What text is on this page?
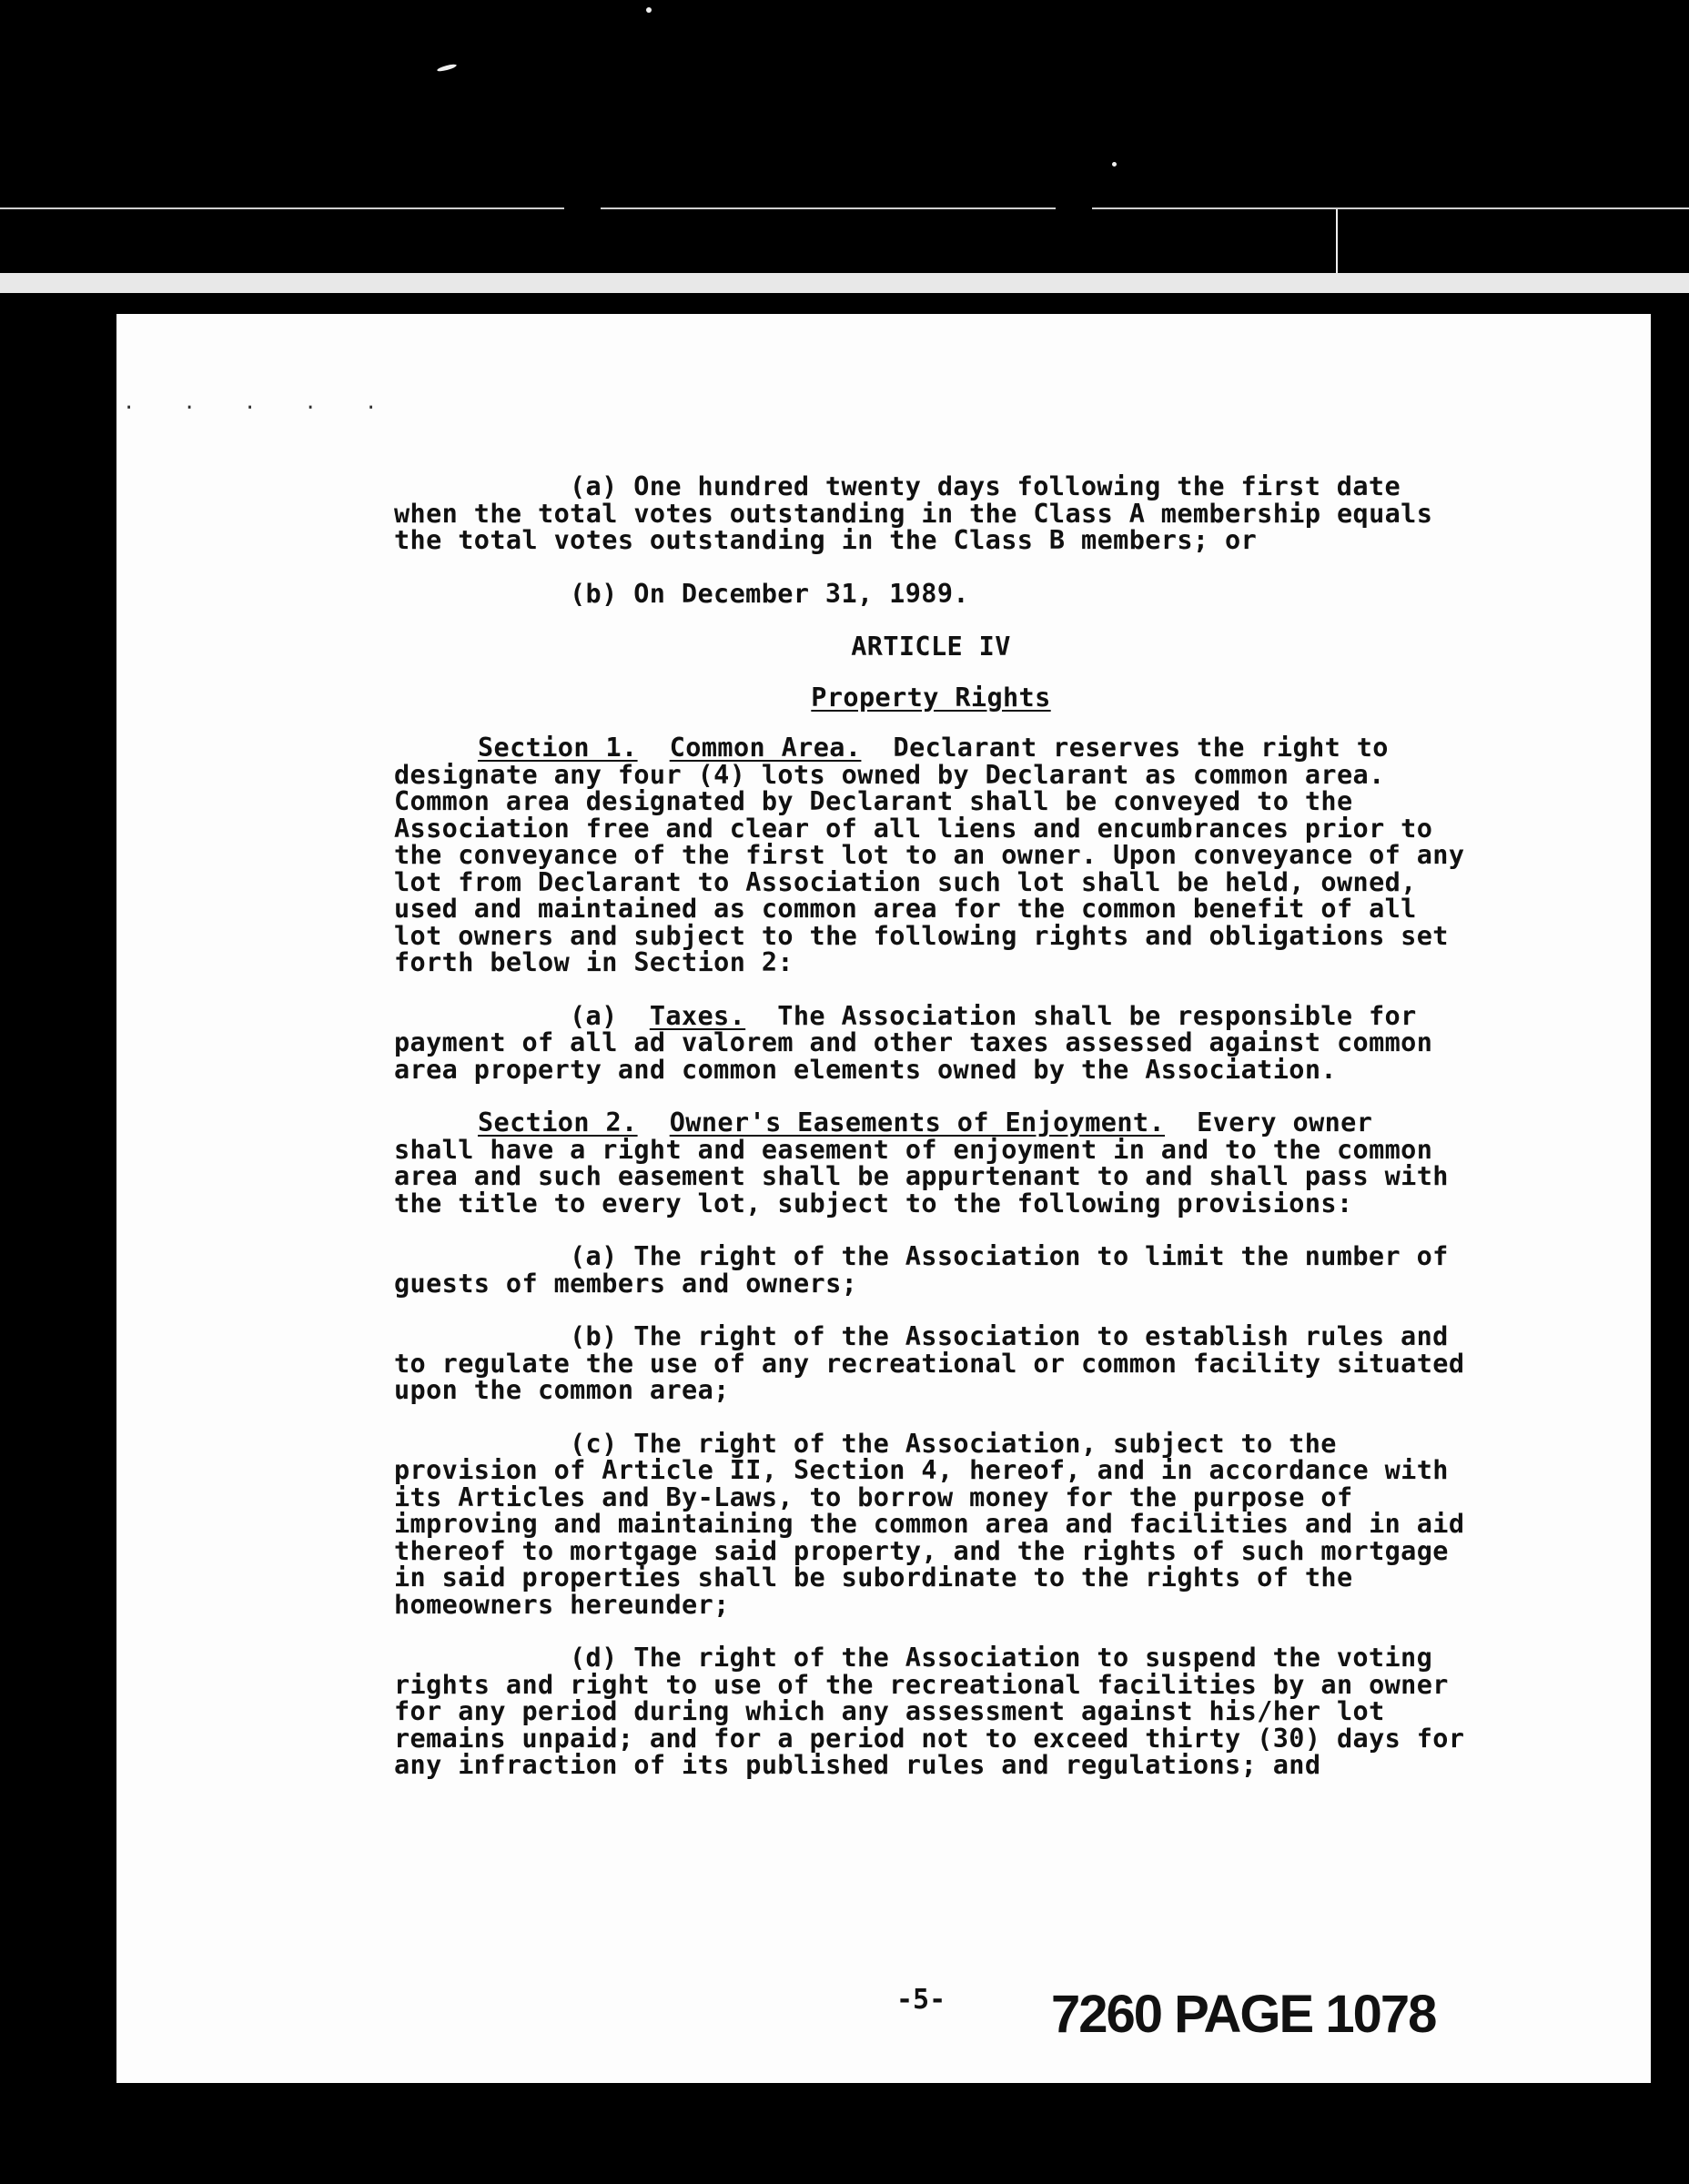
. . . . .

(a) One hundred twenty days following the first date when the total votes outstanding in the Class A membership equals the total votes outstanding in the Class B members; or

(b) On December 31, 1989.

ARTICLE IV

Property Rights

Section 1. Common Area. Declarant reserves the right to designate any four (4) lots owned by Declarant as common area. Common area designated by Declarant shall be conveyed to the Association free and clear of all liens and encumbrances prior to the conveyance of the first lot to an owner. Upon conveyance of any lot from Declarant to Association such lot shall be held, owned, used and maintained as common area for the common benefit of all lot owners and subject to the following rights and obligations set forth below in Section 2:

(a) Taxes. The Association shall be responsible for payment of all ad valorem and other taxes assessed against common area property and common elements owned by the Association.

Section 2. Owner's Easements of Enjoyment. Every owner shall have a right and easement of enjoyment in and to the common area and such easement shall be appurtenant to and shall pass with the title to every lot, subject to the following provisions:

(a) The right of the Association to limit the number of guests of members and owners;

(b) The right of the Association to establish rules and to regulate the use of any recreational or common facility situated upon the common area;

(c) The right of the Association, subject to the provision of Article II, Section 4, hereof, and in accordance with its Articles and By-Laws, to borrow money for the purpose of improving and maintaining the common area and facilities and in aid thereof to mortgage said property, and the rights of such mortgage in said properties shall be subordinate to the rights of the homeowners hereunder;

(d) The right of the Association to suspend the voting rights and right to use of the recreational facilities by an owner for any period during which any assessment against his/her lot remains unpaid; and for a period not to exceed thirty (30) days for any infraction of its published rules and regulations; and

-5- 7260 PAGE 1078
